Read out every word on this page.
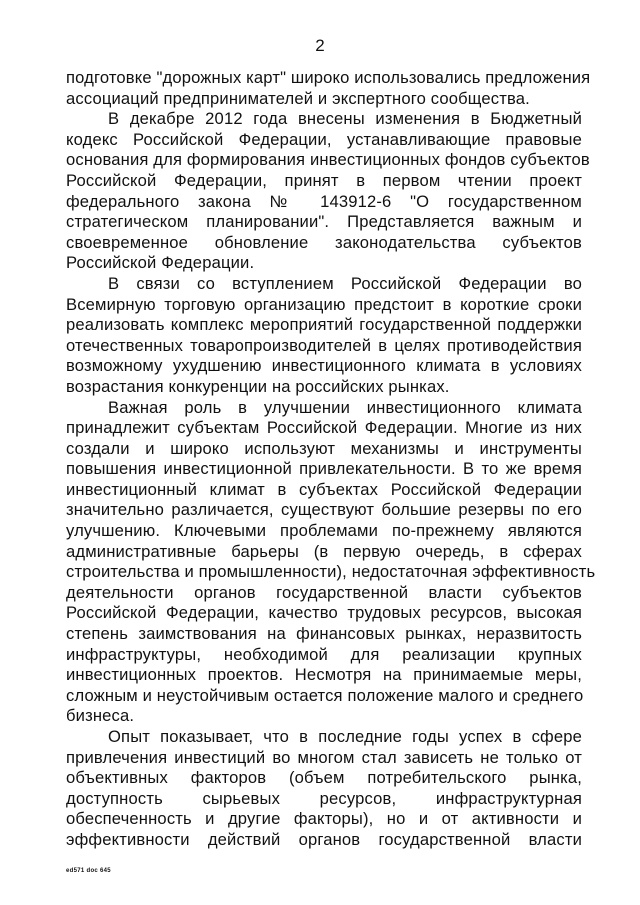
2
подготовке "дорожных карт" широко использовались предложения
ассоциаций предпринимателей и экспертного сообщества.
В декабре 2012 года внесены изменения в Бюджетный
кодекс Российской Федерации, устанавливающие правовые
основания для формирования инвестиционных фондов субъектов
Российской Федерации, принят в первом чтении проект
федерального закона № 143912-6 "О государственном
стратегическом планировании". Представляется важным и
своевременное обновление законодательства субъектов
Российской Федерации.
В связи со вступлением Российской Федерации во
Всемирную торговую организацию предстоит в короткие сроки
реализовать комплекс мероприятий государственной поддержки
отечественных товаропроизводителей в целях противодействия
возможному ухудшению инвестиционного климата в условиях
возрастания конкуренции на российских рынках.
Важная роль в улучшении инвестиционного климата
принадлежит субъектам Российской Федерации. Многие из них
создали и широко используют механизмы и инструменты
повышения инвестиционной привлекательности. В то же время
инвестиционный климат в субъектах Российской Федерации
значительно различается, существуют большие резервы по его
улучшению. Ключевыми проблемами по-прежнему являются
административные барьеры (в первую очередь, в сферах
строительства и промышленности), недостаточная эффективность
деятельности органов государственной власти субъектов
Российской Федерации, качество трудовых ресурсов, высокая
степень заимствования на финансовых рынках, неразвитость
инфраструктуры, необходимой для реализации крупных
инвестиционных проектов. Несмотря на принимаемые меры,
сложным и неустойчивым остается положение малого и среднего
бизнеса.
Опыт показывает, что в последние годы успех в сфере
привлечения инвестиций во многом стал зависеть не только от
объективных факторов (объем потребительского рынка,
доступность сырьевых ресурсов, инфраструктурная
обеспеченность и другие факторы), но и от активности и
эффективности действий органов государственной власти
ed571 doc 645
